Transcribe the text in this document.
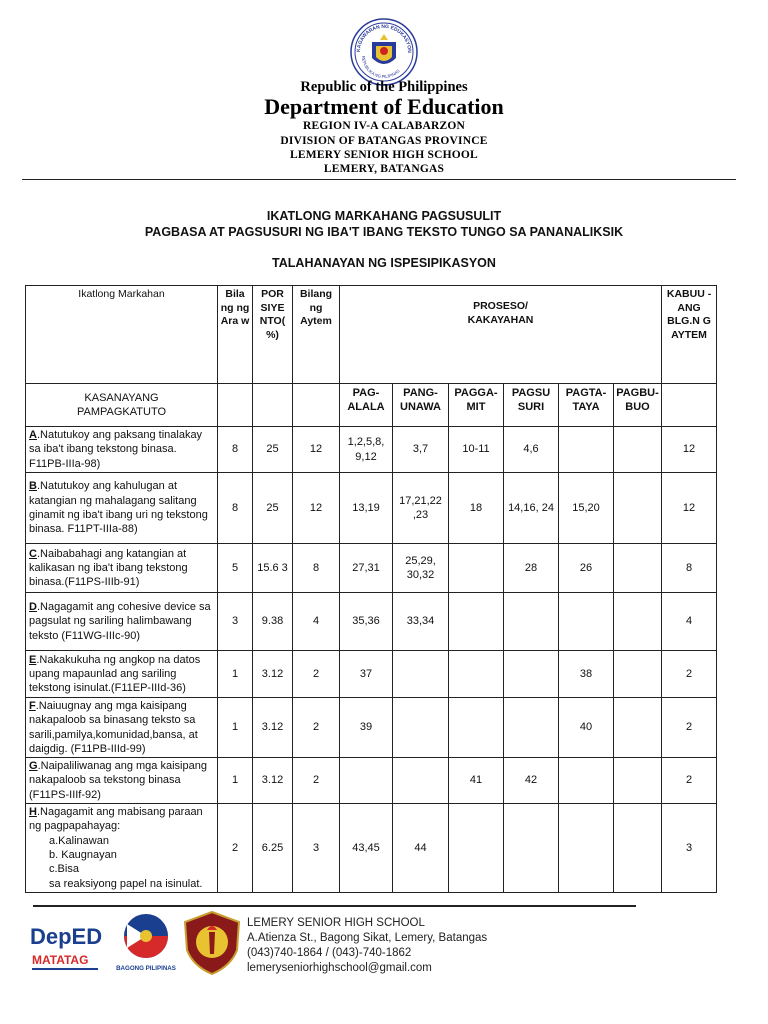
KAGAWARAN NG EDUKASYON
REPUBLIKA NG PILIPINAS
Republic of the Philippines
Department of Education
REGION IV-A CALABARZON
DIVISION OF BATANGAS PROVINCE
LEMERY SENIOR HIGH SCHOOL
LEMERY, BATANGAS
IKATLONG MARKAHANG PAGSUSULIT
PAGBASA AT PAGSUSURI NG IBA'T IBANG TEKSTO TUNGO SA PANANALIKSIK
TALAHANAYAN NG ISPESIPIKASYON
Ikatlong Markahan	Bila ng ng Ara w	POR SIYE NTO( %)	Bilang ng Aytem	PROSESO/ KAKAYAHAN						KABUU -ANG BLG.N G AYTEM

KASANAYANG PAMPAGKATUTO				PAG- ALALA	PANG- UNAWA	PAGGA- MIT	PAGSU SURI	PAGTA- TAYA	PAGBU- BUO	
A.Natutukoy ang paksang tinalakay sa iba't ibang tekstong binasa. F11PB-IIIa-98)	8	25	12	1,2,5,8, 9,12	3,7	10-11	4,6			12
B.Natutukoy ang kahulugan at katangian ng mahalagang salitang ginamit ng iba't ibang uri ng tekstong binasa. F11PT-IIIa-88)	8	25	12	13,19	17,21,22 ,23	18	14,16, 24	15,20		12
C.Naibabahagi ang katangian at kalikasan ng iba't ibang tekstong binasa.(F11PS-IIIb-91)	5	15.6 3	8	27,31	25,29, 30,32		28	26		8
D.Nagagamit ang cohesive device sa pagsulat ng sariling halimbawang teksto (F11WG-IIIc-90)	3	9.38	4	35,36	33,34					4
E.Nakakukuha ng angkop na datos upang mapaunlad ang sariling tekstong isinulat.(F11EP-IIId-36)	1	3.12	2	37				38		2
F.Naiuugnay ang mga kaisipang nakapaloob sa binasang teksto sa sarili,pamilya,komunidad,bansa, at daigdig. (F11PB-IIId-99)	1	3.12	2	39				40		2
G.Naipaliliwanag ang mga kaisipang nakapaloob sa tekstong binasa (F11PS-IIIf-92)	1	3.12	2			41	42			2
H.Nagagamit ang mabisang paraan ng pagpapahayag:
a.Kalinawan
b. Kaugnayan
c.Bisa
sa reaksiyong papel na isinulat.	2	6.25	3	43,45	44					3
DepED
MATATAG
BAGONG PILIPINAS
LEMERY SENIOR HIGH SCHOOL
A.Atienza St., Bagong Sikat, Lemery, Batangas
(043)740-1864 / (043)-740-1862
lemeryseniorhighschool@gmail.com
